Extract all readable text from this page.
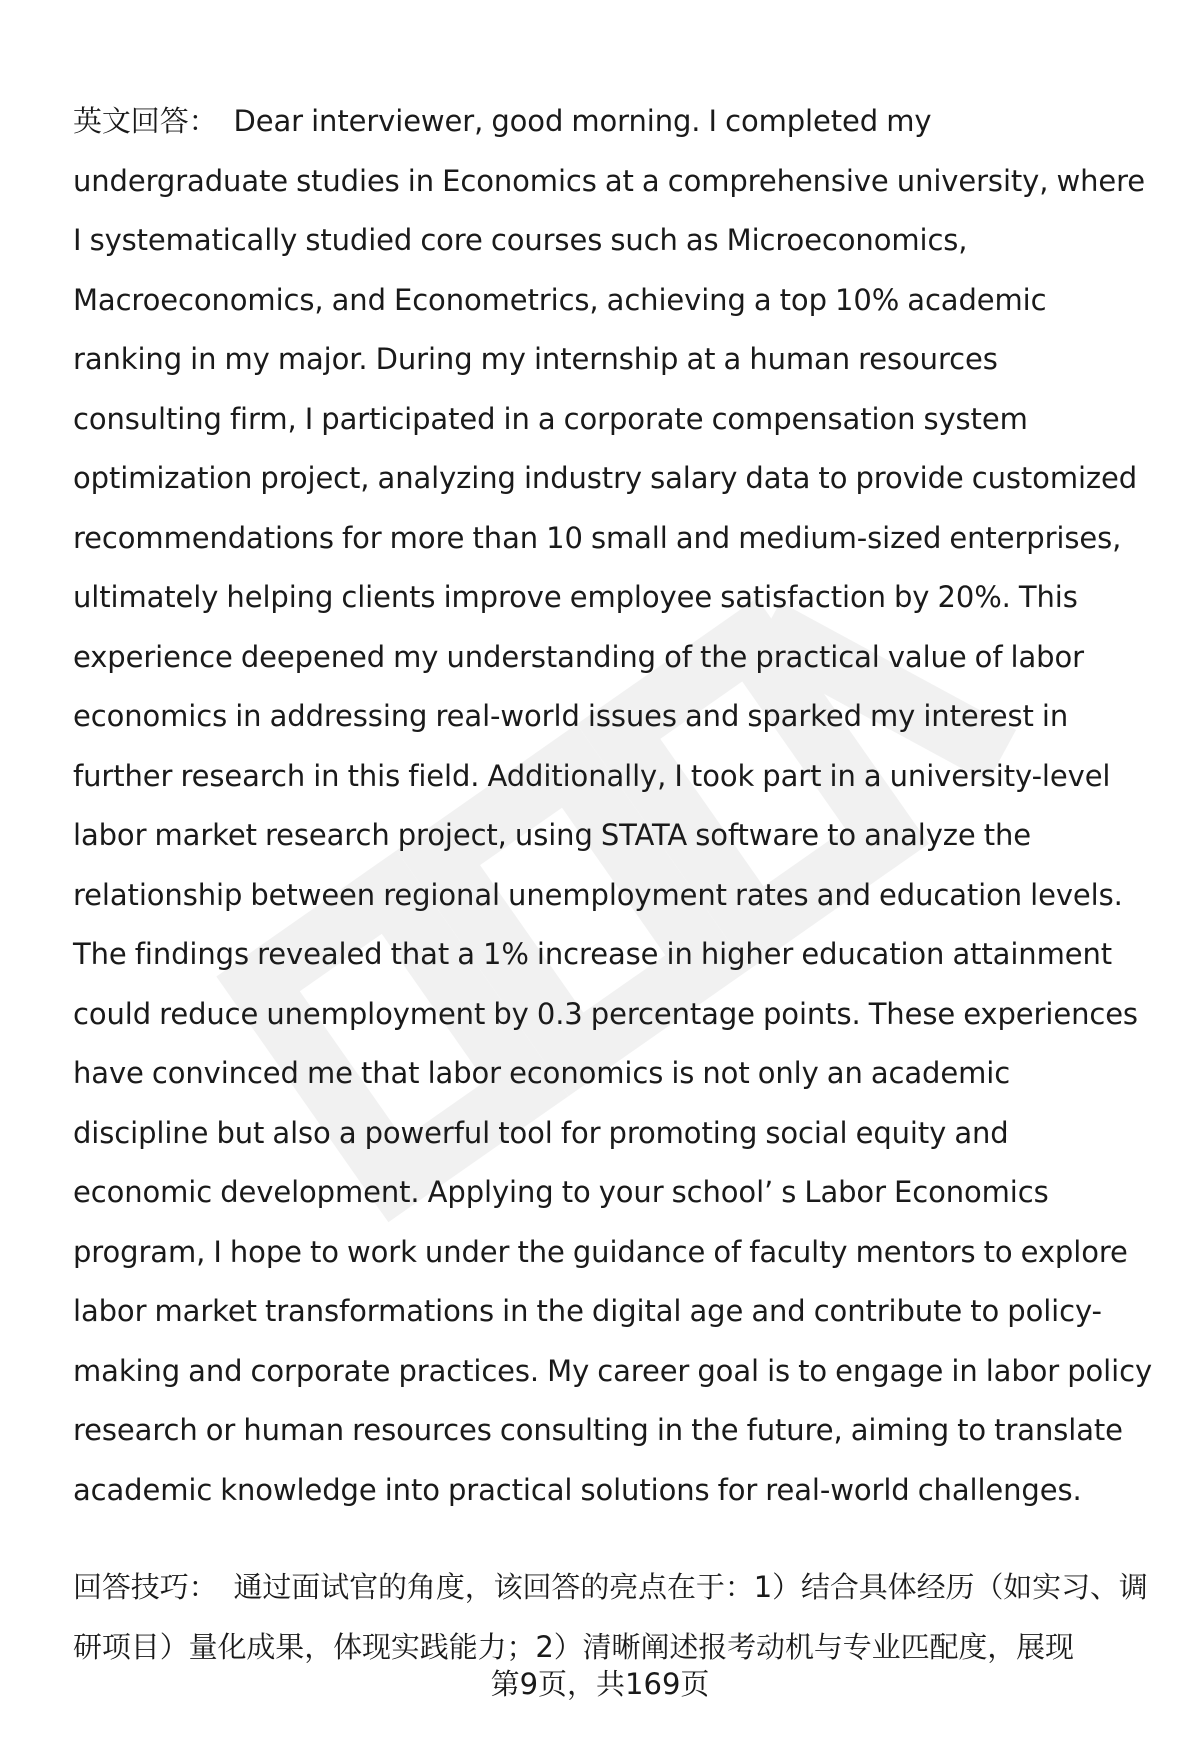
英文回答： Dear interviewer, good morning. I completed my undergraduate studies in Economics at a comprehensive university, where I systematically studied core courses such as Microeconomics, Macroeconomics, and Econometrics, achieving a top 10% academic ranking in my major. During my internship at a human resources consulting firm, I participated in a corporate compensation system optimization project, analyzing industry salary data to provide customized recommendations for more than 10 small and medium-sized enterprises, ultimately helping clients improve employee satisfaction by 20%. This experience deepened my understanding of the practical value of labor economics in addressing real-world issues and sparked my interest in further research in this field. Additionally, I took part in a university-level labor market research project, using STATA software to analyze the relationship between regional unemployment rates and education levels. The findings revealed that a 1% increase in higher education attainment could reduce unemployment by 0.3 percentage points. These experiences have convinced me that labor economics is not only an academic discipline but also a powerful tool for promoting social equity and economic development. Applying to your school’ s Labor Economics program, I hope to work under the guidance of faculty mentors to explore labor market transformations in the digital age and contribute to policy-making and corporate practices. My career goal is to engage in labor policy research or human resources consulting in the future, aiming to translate academic knowledge into practical solutions for real-world challenges.

回答技巧： 通过面试官的角度，该回答的亮点在于：1）结合具体经历（如实习、调研项目）量化成果，体现实践能力；2）清晰阐述报考动机与专业匹配度，展现

第9页，共169页
